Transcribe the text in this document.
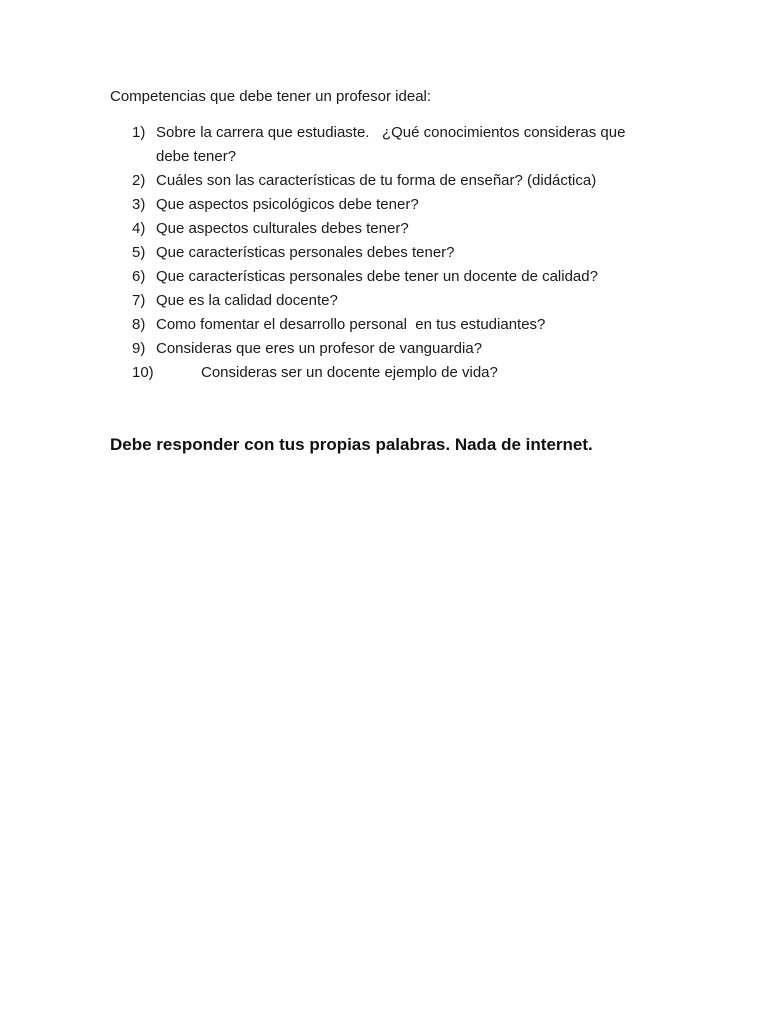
Competencias que debe tener un profesor ideal:
1) Sobre la carrera que estudiaste.   ¿Qué conocimientos consideras que debe tener?
2) Cuáles son las características de tu forma de enseñar? (didáctica)
3) Que aspectos psicológicos debe tener?
4) Que aspectos culturales debes tener?
5) Que características personales debes tener?
6) Que características personales debe tener un docente de calidad?
7) Que es la calidad docente?
8) Como fomentar el desarrollo personal  en tus estudiantes?
9) Consideras que eres un profesor de vanguardia?
10)	Consideras ser un docente ejemplo de vida?
Debe responder con tus propias palabras. Nada de internet.
